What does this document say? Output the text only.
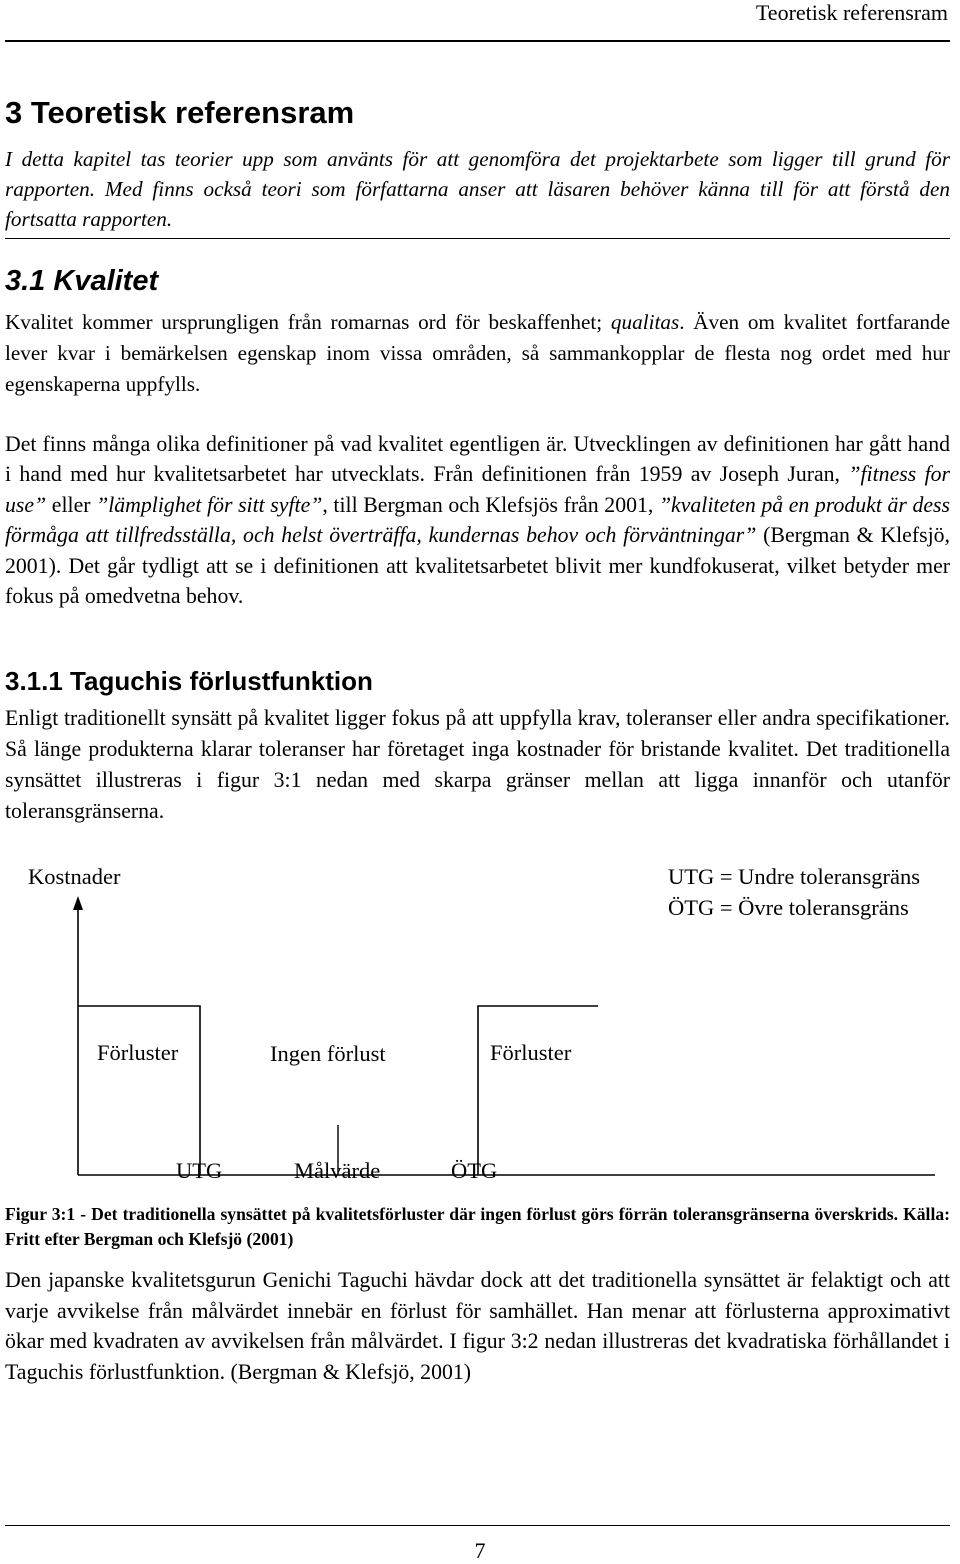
Teoretisk referensram
3 Teoretisk referensram

I detta kapitel tas teorier upp som använts för att genomföra det projektarbete som ligger till grund för rapporten. Med finns också teori som författarna anser att läsaren behöver känna till för att förstå den fortsatta rapporten.

3.1 Kvalitet

Kvalitet kommer ursprungligen från romarnas ord för beskaffenhet; qualitas. Även om kvalitet fortfarande lever kvar i bemärkelsen egenskap inom vissa områden, så sammankopplar de flesta nog ordet med hur egenskaperna uppfylls.

Det finns många olika definitioner på vad kvalitet egentligen är. Utvecklingen av definitionen har gått hand i hand med hur kvalitetsarbetet har utvecklats. Från definitionen från 1959 av Joseph Juran, ”fitness for use” eller ”lämplighet för sitt syfte”, till Bergman och Klefsjös från 2001, ”kvaliteten på en produkt är dess förmåga att tillfredsställa, och helst överträffa, kundernas behov och förväntningar” (Bergman & Klefsjö, 2001). Det går tydligt att se i definitionen att kvalitetsarbetet blivit mer kundfokuserat, vilket betyder mer fokus på omedvetna behov.

3.1.1 Taguchis förlustfunktion

Enligt traditionellt synsätt på kvalitet ligger fokus på att uppfylla krav, toleranser eller andra specifikationer. Så länge produkterna klarar toleranser har företaget inga kostnader för bristande kvalitet. Det traditionella synsättet illustreras i figur 3:1 nedan med skarpa gränser mellan att ligga innanför och utanför toleransgränserna.

Kostnader	UTG = Undre toleransgräns
ÖTG = Övre toleransgräns
Förluster	Ingen förlust	Förluster
UTG	Målvärde	ÖTG

Figur 3:1 - Det traditionella synsättet på kvalitetsförluster där ingen förlust görs förrän toleransgränserna överskrids. Källa: Fritt efter Bergman och Klefsjö (2001)

Den japanske kvalitetsgurun Genichi Taguchi hävdar dock att det traditionella synsättet är felaktigt och att varje avvikelse från målvärdet innebär en förlust för samhället. Han menar att förlusterna approximativt ökar med kvadraten av avvikelsen från målvärdet. I figur 3:2 nedan illustreras det kvadratiska förhållandet i Taguchis förlustfunktion. (Bergman & Klefsjö, 2001)

7
